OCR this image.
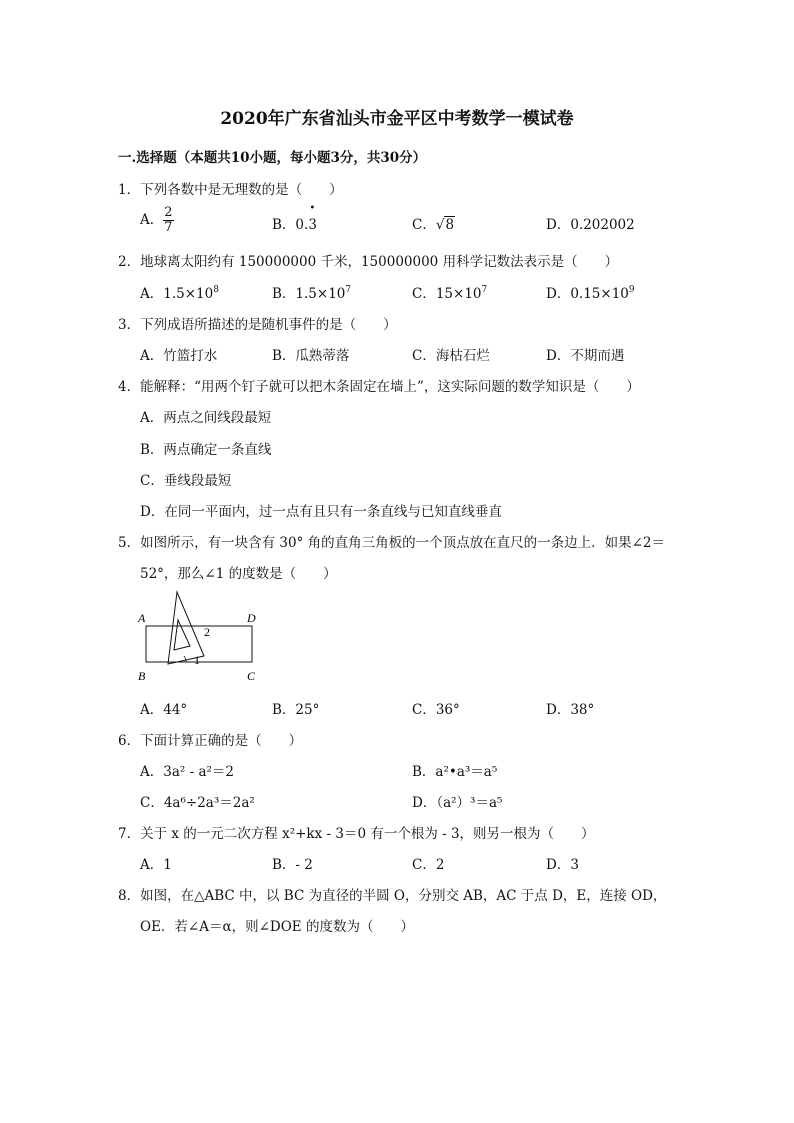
2020年广东省汕头市金平区中考数学一模试卷
一.选择题（本题共10小题，每小题3分，共30分）
1．下列各数中是无理数的是（　　）
A． $\frac{2}{7}$	B．0.• 3	C．√8	D．0.202002
2．地球离太阳约有 150000000 千米，150000000 用科学记数法表示是（　　）
A．$1.5\times 10^8$	B．$1.5\times 10^7$	C．$15\times 10^7$	D．$0.15\times 10^9$
3．下列成语所描述的是随机事件的是（　　）
A．竹篮打水	B．瓜熟蒂落	C．海枯石烂	D．不期而遇
4．能解释：“用两个钉子就可以把木条固定在墙上”，这实际问题的数学知识是（　　）
A．两点之间线段最短
B．两点确定一条直线
C．垂线段最短
D．在同一平面内，过一点有且只有一条直线与已知直线垂直
5．如图所示，有一块含有 30° 角的直角三角板的一个顶点放在直尺的一条边上．如果∠2＝
52°，那么∠1 的度数是（　　）
A	D
B	C
2
1
A．44°	B．25°	C．36°	D．38°
6．下面计算正确的是（　　）
A．3a² - a²＝2	B．a²•a³＝a⁵
C．4a⁶÷2a³＝2a²	D．（a²）³＝a⁵
7．关于 x 的一元二次方程 x²+kx - 3＝0 有一个根为 - 3，则另一根为（　　）
A．1	B．- 2	C．2	D．3
8．如图，在△ABC 中，以 BC 为直径的半圆 O，分别交 AB，AC 于点 D，E，连接 OD，
OE．若∠A＝α，则∠DOE 的度数为（　　）
